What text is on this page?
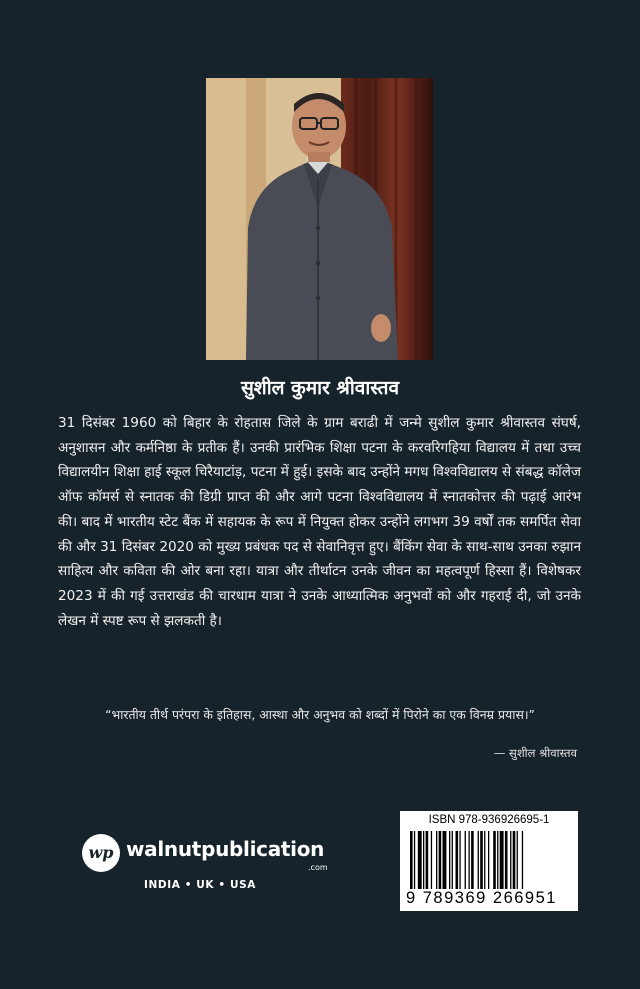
सुशील कुमार श्रीवास्तव

31 दिसंबर 1960 को बिहार के रोहतास जिले के ग्राम बराढी में जन्मे सुशील कुमार श्रीवास्तव संघर्ष, अनुशासन और कर्मनिष्ठा के प्रतीक हैं। उनकी प्रारंभिक शिक्षा पटना के करवरिगहिया विद्यालय में तथा उच्च विद्यालयीन शिक्षा हाई स्कूल चिरैयाटांड़, पटना में हुई। इसके बाद उन्होंने मगध विश्वविद्यालय से संबद्ध कॉलेज ऑफ कॉमर्स से स्नातक की डिग्री प्राप्त की और आगे पटना विश्वविद्यालय में स्नातकोत्तर की पढ़ाई आरंभ की। बाद में भारतीय स्टेट बैंक में सहायक के रूप में नियुक्त होकर उन्होंने लगभग 39 वर्षों तक समर्पित सेवा की और 31 दिसंबर 2020 को मुख्य प्रबंधक पद से सेवानिवृत्त हुए। बैंकिंग सेवा के साथ-साथ उनका रुझान साहित्य और कविता की ओर बना रहा। यात्रा और तीर्थाटन उनके जीवन का महत्वपूर्ण हिस्सा हैं। विशेषकर 2023 में की गई उत्तराखंड की चारधाम यात्रा ने उनके आध्यात्मिक अनुभवों को और गहराई दी, जो उनके लेखन में स्पष्ट रूप से झलकती है।

“भारतीय तीर्थ परंपरा के इतिहास, आस्था और अनुभव को शब्दों में पिरोने का एक विनम्र प्रयास।”
— सुशील श्रीवास्तव
wp walnutpublication
.com
INDIA • UK • USA
ISBN 978-936926695-1
9 789369 266951
